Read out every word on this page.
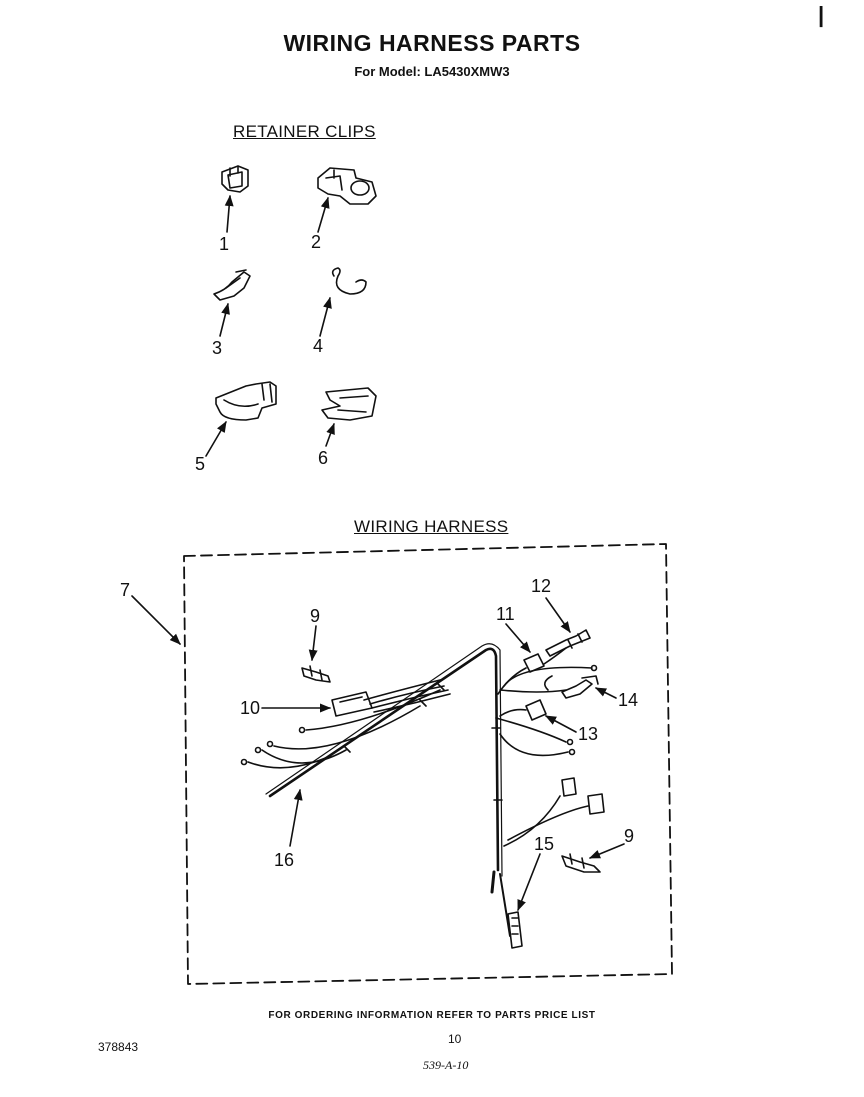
|
WIRING HARNESS PARTS
For Model: LA5430XMW3
RETAINER CLIPS
WIRING HARNESS
1	2
3	4
5	6
7
9
10
11
12
13
14
15
16
9
FOR ORDERING INFORMATION REFER TO PARTS PRICE LIST
378843
10
539-A-10
